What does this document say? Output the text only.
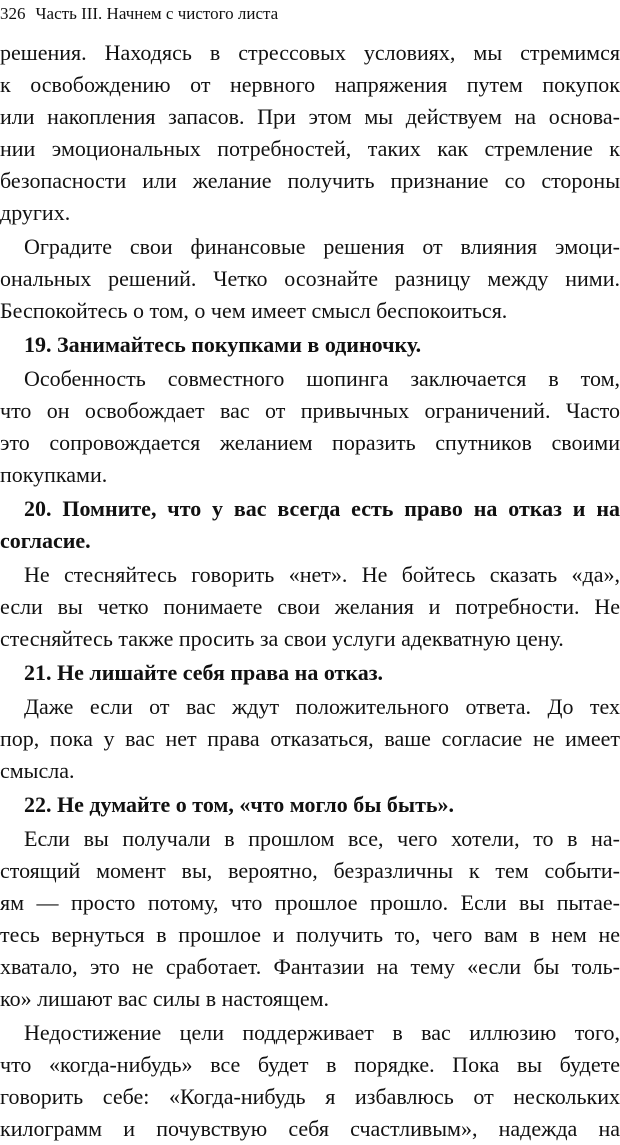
326 Часть III. Начнем с чистого листа
решения. Находясь в стрессовых условиях, мы стремимся
к освобождению от нервного напряжения путем покупок
или накопления запасов. При этом мы действуем на основа-
нии эмоциональных потребностей, таких как стремление к
безопасности или желание получить признание со стороны
других.
Оградите свои финансовые решения от влияния эмоци-
ональных решений. Четко осознайте разницу между ними.
Беспокойтесь о том, о чем имеет смысл беспокоиться.
19. Занимайтесь покупками в одиночку.
Особенность совместного шопинга заключается в том,
что он освобождает вас от привычных ограничений. Часто
это сопровождается желанием поразить спутников своими
покупками.
20. Помните, что у вас всегда есть право на отказ и на
согласие.
Не стесняйтесь говорить «нет». Не бойтесь сказать «да»,
если вы четко понимаете свои желания и потребности. Не
стесняйтесь также просить за свои услуги адекватную цену.
21. Не лишайте себя права на отказ.
Даже если от вас ждут положительного ответа. До тех
пор, пока у вас нет права отказаться, ваше согласие не имеет
смысла.
22. Не думайте о том, «что могло бы быть».
Если вы получали в прошлом все, чего хотели, то в на-
стоящий момент вы, вероятно, безразличны к тем событи-
ям — просто потому, что прошлое прошло. Если вы пытае-
тесь вернуться в прошлое и получить то, чего вам в нем не
хватало, это не сработает. Фантазии на тему «если бы толь-
ко» лишают вас силы в настоящем.
Недостижение цели поддерживает в вас иллюзию того,
что «когда-нибудь» все будет в порядке. Пока вы будете
говорить себе: «Когда-нибудь я избавлюсь от нескольких
килограмм и почувствую себя счастливым», надежда на
